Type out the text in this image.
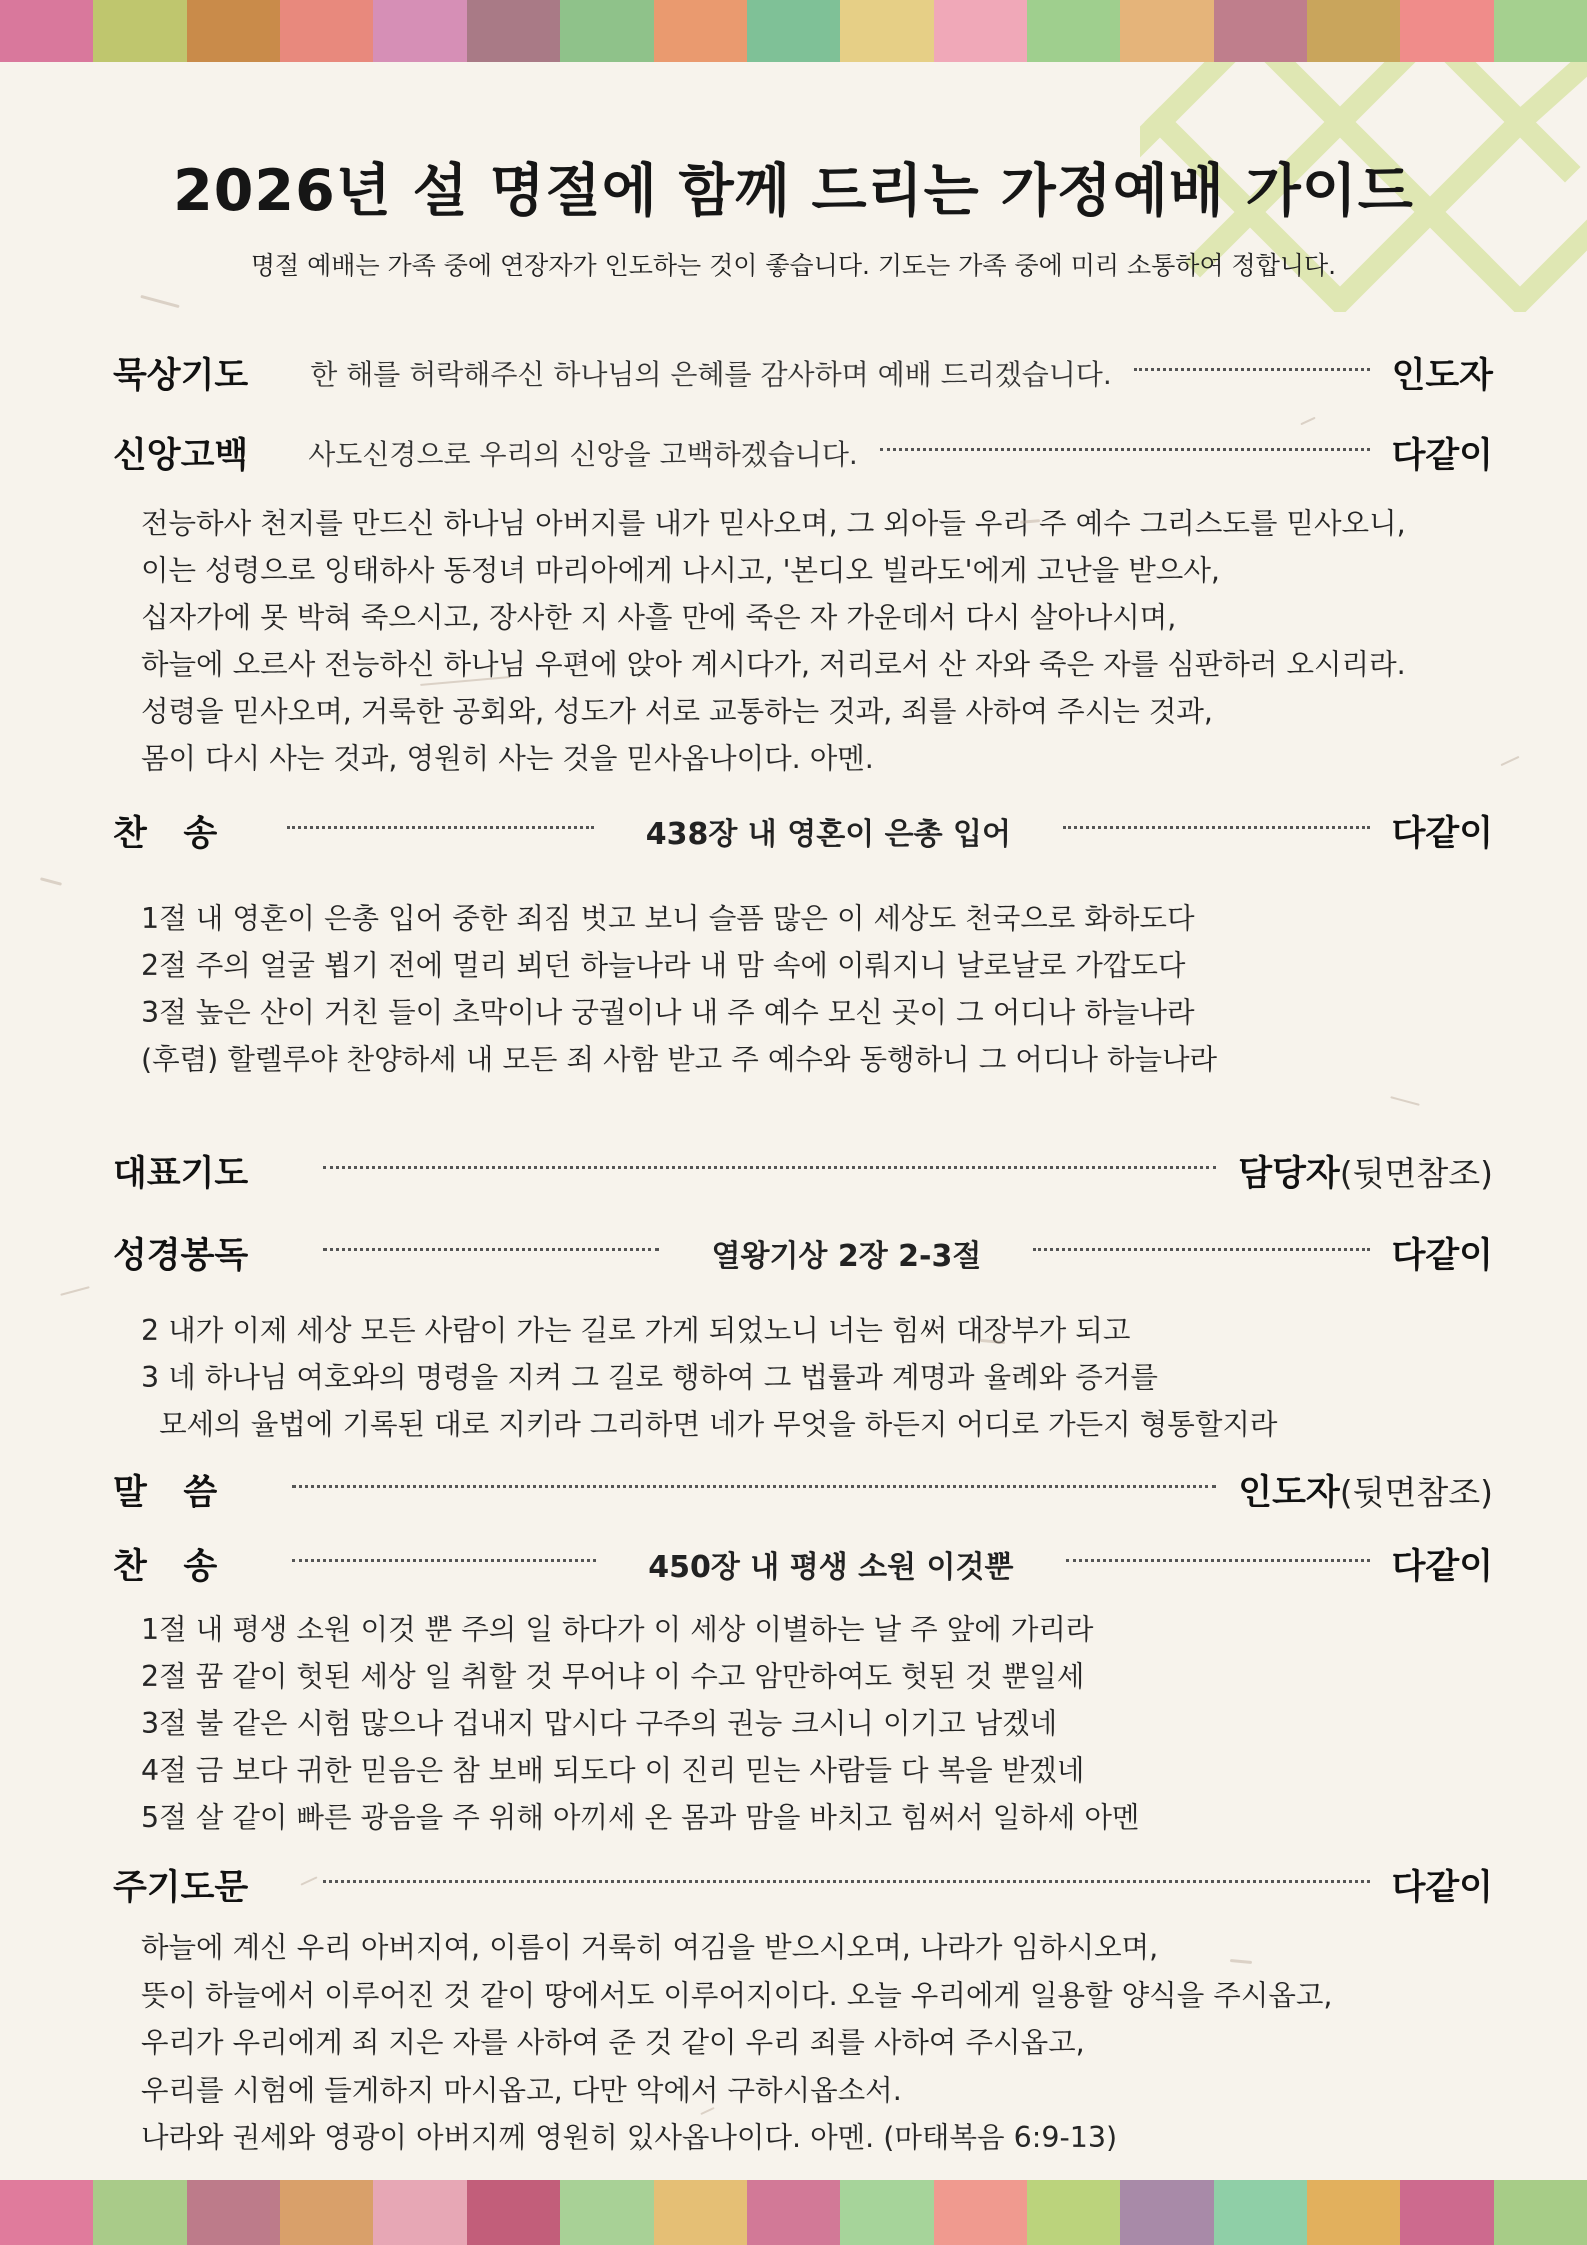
2026년 설 명절에 함께 드리는 가정예배 가이드
명절 예배는 가족 중에 연장자가 인도하는 것이 좋습니다. 기도는 가족 중에 미리 소통하여 정합니다.
묵상기도 한 해를 허락해주신 하나님의 은혜를 감사하며 예배 드리겠습니다.	인도자
신앙고백 사도신경으로 우리의 신앙을 고백하겠습니다.	다같이
전능하사 천지를 만드신 하나님 아버지를 내가 믿사오며, 그 외아들 우리 주 예수 그리스도를 믿사오니,
이는 성령으로 잉태하사 동정녀 마리아에게 나시고, '본디오 빌라도'에게 고난을 받으사,
십자가에 못 박혀 죽으시고, 장사한 지 사흘 만에 죽은 자 가운데서 다시 살아나시며,
하늘에 오르사 전능하신 하나님 우편에 앉아 계시다가, 저리로서 산 자와 죽은 자를 심판하러 오시리라.
성령을 믿사오며, 거룩한 공회와, 성도가 서로 교통하는 것과, 죄를 사하여 주시는 것과,
몸이 다시 사는 것과, 영원히 사는 것을 믿사옵나이다. 아멘.
찬   송	438장 내 영혼이 은총 입어	다같이
1절 내 영혼이 은총 입어 중한 죄짐 벗고 보니 슬픔 많은 이 세상도 천국으로 화하도다
2절 주의 얼굴 뵙기 전에 멀리 뵈던 하늘나라 내 맘 속에 이뤄지니 날로날로 가깝도다
3절 높은 산이 거친 들이 초막이나 궁궐이나 내 주 예수 모신 곳이 그 어디나 하늘나라
(후렴) 할렐루야 찬양하세 내 모든 죄 사함 받고 주 예수와 동행하니 그 어디나 하늘나라
대표기도	담당자(뒷면참조)
성경봉독	열왕기상 2장 2-3절	다같이
2 내가 이제 세상 모든 사람이 가는 길로 가게 되었노니 너는 힘써 대장부가 되고
3 네 하나님 여호와의 명령을 지켜 그 길로 행하여 그 법률과 계명과 율례와 증거를
모세의 율법에 기록된 대로 지키라 그리하면 네가 무엇을 하든지 어디로 가든지 형통할지라
말   씀	인도자(뒷면참조)
찬   송	450장 내 평생 소원 이것뿐	다같이
1절 내 평생 소원 이것 뿐 주의 일 하다가 이 세상 이별하는 날 주 앞에 가리라
2절 꿈 같이 헛된 세상 일 취할 것 무어냐 이 수고 암만하여도 헛된 것 뿐일세
3절 불 같은 시험 많으나 겁내지 맙시다 구주의 권능 크시니 이기고 남겠네
4절 금 보다 귀한 믿음은 참 보배 되도다 이 진리 믿는 사람들 다 복을 받겠네
5절 살 같이 빠른 광음을 주 위해 아끼세 온 몸과 맘을 바치고 힘써서 일하세 아멘
주기도문	다같이
하늘에 계신 우리 아버지여, 이름이 거룩히 여김을 받으시오며, 나라가 임하시오며,
뜻이 하늘에서 이루어진 것 같이 땅에서도 이루어지이다. 오늘 우리에게 일용할 양식을 주시옵고,
우리가 우리에게 죄 지은 자를 사하여 준 것 같이 우리 죄를 사하여 주시옵고,
우리를 시험에 들게하지 마시옵고, 다만 악에서 구하시옵소서.
나라와 권세와 영광이 아버지께 영원히 있사옵나이다. 아멘. (마태복음 6:9-13)
